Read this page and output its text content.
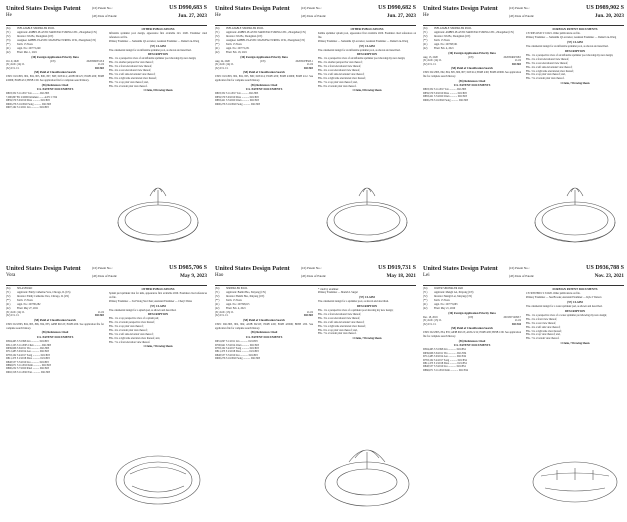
United States Design Patent
He
(10) Patent No.:
(45) Date of Patent:
US D990,683 S
Jun. 27, 2023
(54)	INFLATABLE SPRINKLER POOL
(71)	Applicant: AMBEL PLASTIC MANUFACTURING LTD., Zhongshan (CN)
(72)	Inventor: Wu He, Zhongshan (CN)
(73)	Assignee: AMBEL PLASTIC MANUFACTURING LTD., Zhongshan (CN)
(**)	Term: 15 Years
(21)	Appl. No.: 29/772,249
(22)	Filed: Mar. 1, 2021
(30) Foreign Application Priority Data
Oct. 9, 2020	(CN)	202030605313.6
(51) LOC (14) Cl.	21-02
(52) U.S. Cl.	D21/803
(58) Field of Classification Search
USPC D21/803, 802, 804, 805, 806, 807, 808; D23/214; A63B 69/125; E04H 4/00; E04H 4/0006; E04H 4/12; B05B 1/00. See application file for complete search history.
(56) References Cited
U.S. PATENT DOCUMENTS
D803,352 S 11/2017 Lin ........... D21/803
7,000,867 B1 2/2006 Delamere ....... A47C 17/64
D859,579 S 9/2019 Zhao ........... D21/803
D900,276 S 10/2020 Song ........... D21/803
D907,162 S 1/2021 Lin ............ D21/803
OTHER PUBLICATIONS
Inflatable sprinkler pool design, appearance first available Oct. 2020. Examiner cited references on file.
Primary Examiner — Samantha Q Lawrence; Assistant Examiner — Daniel Liu-Wong
(57) CLAIM
The ornamental design for an inflatable sprinkler pool, as shown and described.
DESCRIPTION
FIG. 1 is a perspective view of an inflatable sprinkler pool showing my new design;
FIG. 2 is another perspective view thereof;
FIG. 3 is a front elevational view thereof;
FIG. 4 is a rear elevational view thereof;
FIG. 5 is a left side elevational view thereof;
FIG. 6 is a right side elevational view thereof;
FIG. 7 is a top plan view thereof; and,
FIG. 8 is a bottom plan view thereof.
1 Claim, 8 Drawing Sheets
United States Design Patent
He
(10) Patent No.:
(45) Date of Patent:
US D990,682 S
Jun. 27, 2023
(54)	INFLATABLE SPRINKLER POOL
(71)	Applicant: AMBEL PLASTIC MANUFACTURING LTD., Zhongshan (CN)
(72)	Inventor: Wu He, Zhongshan (CN)
(73)	Assignee: AMBEL PLASTIC MANUFACTURING LTD., Zhongshan (CN)
(**)	Term: 15 Years
(21)	Appl. No.: 29/772,251
(22)	Filed: Feb. 18, 2021
(30) Foreign Application Priority Data
Aug. 24, 2020	(CN)	202030478563.1
(51) LOC (14) Cl.	21-02
(52) U.S. Cl.	D21/803
(58) Field of Classification Search
USPC D21/803, 802, 804, 805, 806; D23/214; E04H 4/00; E04H 4/0006; E04H 4/12. See application file for complete search history.
(56) References Cited
U.S. PATENT DOCUMENTS
D803,352 S 11/2017 Lin ........... D21/803
D859,579 S 9/2019 Zhao ........... D21/803
D883,421 S 5/2020 Chen ........... D21/803
D900,276 S 10/2020 Song ........... D21/803
OTHER PUBLICATIONS
Kiddie sprinkler splash pool, appearance first available 2020. Examiner cited references on file.
Primary Examiner — Samantha Q Lawrence; Assistant Examiner — Daniel Liu-Wong
(57) CLAIM
The ornamental design for an inflatable sprinkler pool, as shown and described.
DESCRIPTION
FIG. 1 is a perspective view of an inflatable sprinkler pool showing my new design;
FIG. 2 is another perspective view thereof;
FIG. 3 is a front elevational view thereof;
FIG. 4 is a rear elevational view thereof;
FIG. 5 is a left side elevational view thereof;
FIG. 6 is a right side elevational view thereof;
FIG. 7 is a top plan view thereof; and,
FIG. 8 is a bottom plan view thereof.
1 Claim, 8 Drawing Sheets
United States Design Patent
He
(10) Patent No.:
(45) Date of Patent:
US D989,902 S
Jun. 20, 2023
(54)	INFLATABLE SPRINKLER POOL
(71)	Applicant: AMBEL PLASTIC MANUFACTURING LTD., Zhongshan (CN)
(72)	Inventor: Wu He, Zhongshan (CN)
(**)	Term: 15 Years
(21)	Appl. No.: 29/768,501
(22)	Filed: Feb. 4, 2021
(30) Foreign Application Priority Data
Aug. 13, 2020	(CN)	202030462358.0
(51) LOC (14) Cl.	21-02
(52) U.S. Cl.	D21/803
(58) Field of Classification Search
USPC D21/803, 802, 804, 805, 806, 807; D23/214; E04H 4/00; E04H 4/0006. See application file for complete search history.
(56) References Cited
U.S. PATENT DOCUMENTS
D803,352 S 11/2017 Lin ........... D21/803
D859,579 S 9/2019 Zhao ........... D21/803
D883,421 S 5/2020 Chen ........... D21/803
D900,276 S 10/2020 Song ........... D21/803
FOREIGN PATENT DOCUMENTS
CN 306512345 S 5/2021. Other publications on file.
Primary Examiner — Samantha Q Lawrence; Assistant Examiner — Daniel Liu-Wong
(57) CLAIM
The ornamental design for an inflatable sprinkler pool, as shown and described.
DESCRIPTION
FIG. 1 is a perspective view of an inflatable sprinkler pool showing my new design;
FIG. 2 is a front elevational view thereof;
FIG. 3 is a rear elevational view thereof;
FIG. 4 is a left side elevational view thereof;
FIG. 5 is a right side elevational view thereof;
FIG. 6 is a top plan view thereof; and,
FIG. 7 is a bottom plan view thereof.
1 Claim, 7 Drawing Sheets
United States Design Patent
Vora
(10) Patent No.:
(45) Date of Patent:
US D985,706 S
May 9, 2023
(54)	SPLASH PAD
(71)	Applicant: Emily Catherine Vora, Chicago, IL (US)
(72)	Inventor: Emily Catherine Vora, Chicago, IL (US)
(**)	Term: 15 Years
(21)	Appl. No.: 29/780,282
(22)	Filed: May 27, 2021
(51) LOC (14) Cl.	21-02
(52) U.S. Cl.	D21/803
(58) Field of Classification Search
USPC D21/803, 804, 805, 806, 834, 835; A63B 69/125; E04H 4/00. See application file for complete search history.
(56) References Cited
U.S. PATENT DOCUMENTS
D394,465 S 5/1998 Lin ............ D21/803
D512,105 S 11/2005 Chen ........... D21/803
D639,906 S 6/2011 Wu ............. D21/803
D712,485 S 9/2014 Lee ............ D21/803
D783,102 S 4/2017 Song ........... D21/803
D811,473 S 2/2018 Zhao ........... D21/803
D848,557 S 5/2019 Liu ............ D21/803
D866,671 S 11/2019 Kim ............ D21/803
D890,252 S 7/2020 Patel .......... D21/803
D902,318 S 11/2020 Tan ............ D21/803
OTHER PUBLICATIONS
Splash pad sprinkler mat for kids, appearance first available 2020. Examiner cited references on file.
Primary Examiner — Ted Wong Siu Chun; Assistant Examiner — Cheryl Weiss
(57) CLAIM
The ornamental design for a splash pad, as shown and described.
DESCRIPTION
FIG. 1 is a top perspective view of a splash pad;
FIG. 2 is a bottom perspective view thereof;
FIG. 3 is a top plan view thereof;
FIG. 4 is a bottom plan view thereof;
FIG. 5 is a left side elevation view thereof;
FIG. 6 is a right side elevation view thereof; and,
FIG. 7 is a front elevation view thereof.
1 Claim, 7 Drawing Sheets
United States Design Patent
Hao
(10) Patent No.:
(45) Date of Patent:
US D919,731 S
May 18, 2021
(54)	SPRINKLER POOL
(71)	Applicant: Bambi Hao, Xinyang (CN)
(72)	Inventor: Bambi Hao, Xinyang (CN)
(**)	Term: 15 Years
(21)	Appl. No.: 29/768,615
(22)	Filed: Feb. 4, 2021
(51) LOC (13) Cl.	21-02
(52) U.S. Cl.	D21/803
(58) Field of Classification Search
USPC D21/803, 802, 804; A63B 69/125; E04H 4/00; E04H 4/0006; B05B 1/00. See application file for complete search history.
(56) References Cited
U.S. PATENT DOCUMENTS
D631,097 S 1/2011 Lin ............ D21/803
D700,941 S 3/2014 Chen ........... D21/803
D783,102 S 4/2017 Song ........... D21/803
D811,473 S 2/2018 Zhao ........... D21/803
D848,557 S 5/2019 Liu ............ D21/803
D900,276 S 10/2020 Song ........... D21/803
* cited by examiner
Primary Examiner — Mariah L Siegel
(57) CLAIM
The ornamental design for a sprinkler pool, as shown and described.
DESCRIPTION
FIG. 1 is a perspective view of a sprinkler pool showing my new design;
FIG. 2 is a front elevational view thereof;
FIG. 3 is a rear elevational view thereof;
FIG. 4 is a left side elevational view thereof;
FIG. 5 is a right side elevational view thereof;
FIG. 6 is a top plan view thereof; and,
FIG. 7 is a bottom plan view thereof.
1 Claim, 7 Drawing Sheets
United States Design Patent
Lei
(10) Patent No.:
(45) Date of Patent:
US D936,788 S
Nov. 23, 2021
(54)	WATER SPRINKLER PAD
(71)	Applicant: Mengli Lei, Xinyang (CN)
(72)	Inventor: Mengli Lei, Xinyang (CN)
(**)	Term: 15 Years
(21)	Appl. No.: 29/775,663
(22)	Filed: May 21, 2020
(30) Foreign Application Priority Data
Dec. 18, 2019	(CN)	201930712093.7
(51) LOC (13) Cl.	21-02
(52) U.S. Cl.	D21/834
(58) Field of Classification Search
USPC D21/803, 834, 835; A63B 69/125; A63G 9/12; E04H 4/00; B05B 1/00. See application file for complete search history.
(56) References Cited
U.S. PATENT DOCUMENTS
D394,465 S 5/1998 Lin ............ D21/834
D639,906 S 6/2011 Wu ............. D21/834
D712,485 S 9/2014 Lee ............ D21/834
D783,102 S 4/2017 Song ........... D21/834
D811,473 S 2/2018 Zhao ........... D21/834
D848,557 S 5/2019 Liu ............ D21/834
D866,671 S 11/2019 Kim ............ D21/834
FOREIGN PATENT DOCUMENTS
CN 305678901 S 3/2020. Other publications on file.
Primary Examiner — Sue Brooks; Assistant Examiner — Kyle J Watson
(57) CLAIM
The ornamental design for a water sprinkler pad, as shown and described.
DESCRIPTION
FIG. 1 is a perspective view of a water sprinkler pad showing my new design;
FIG. 2 is a front view thereof;
FIG. 3 is a rear view thereof;
FIG. 4 is a left side view thereof;
FIG. 5 is a right side view thereof;
FIG. 6 is a top view thereof; and,
FIG. 7 is a bottom view thereof.
1 Claim, 7 Drawing Sheets
